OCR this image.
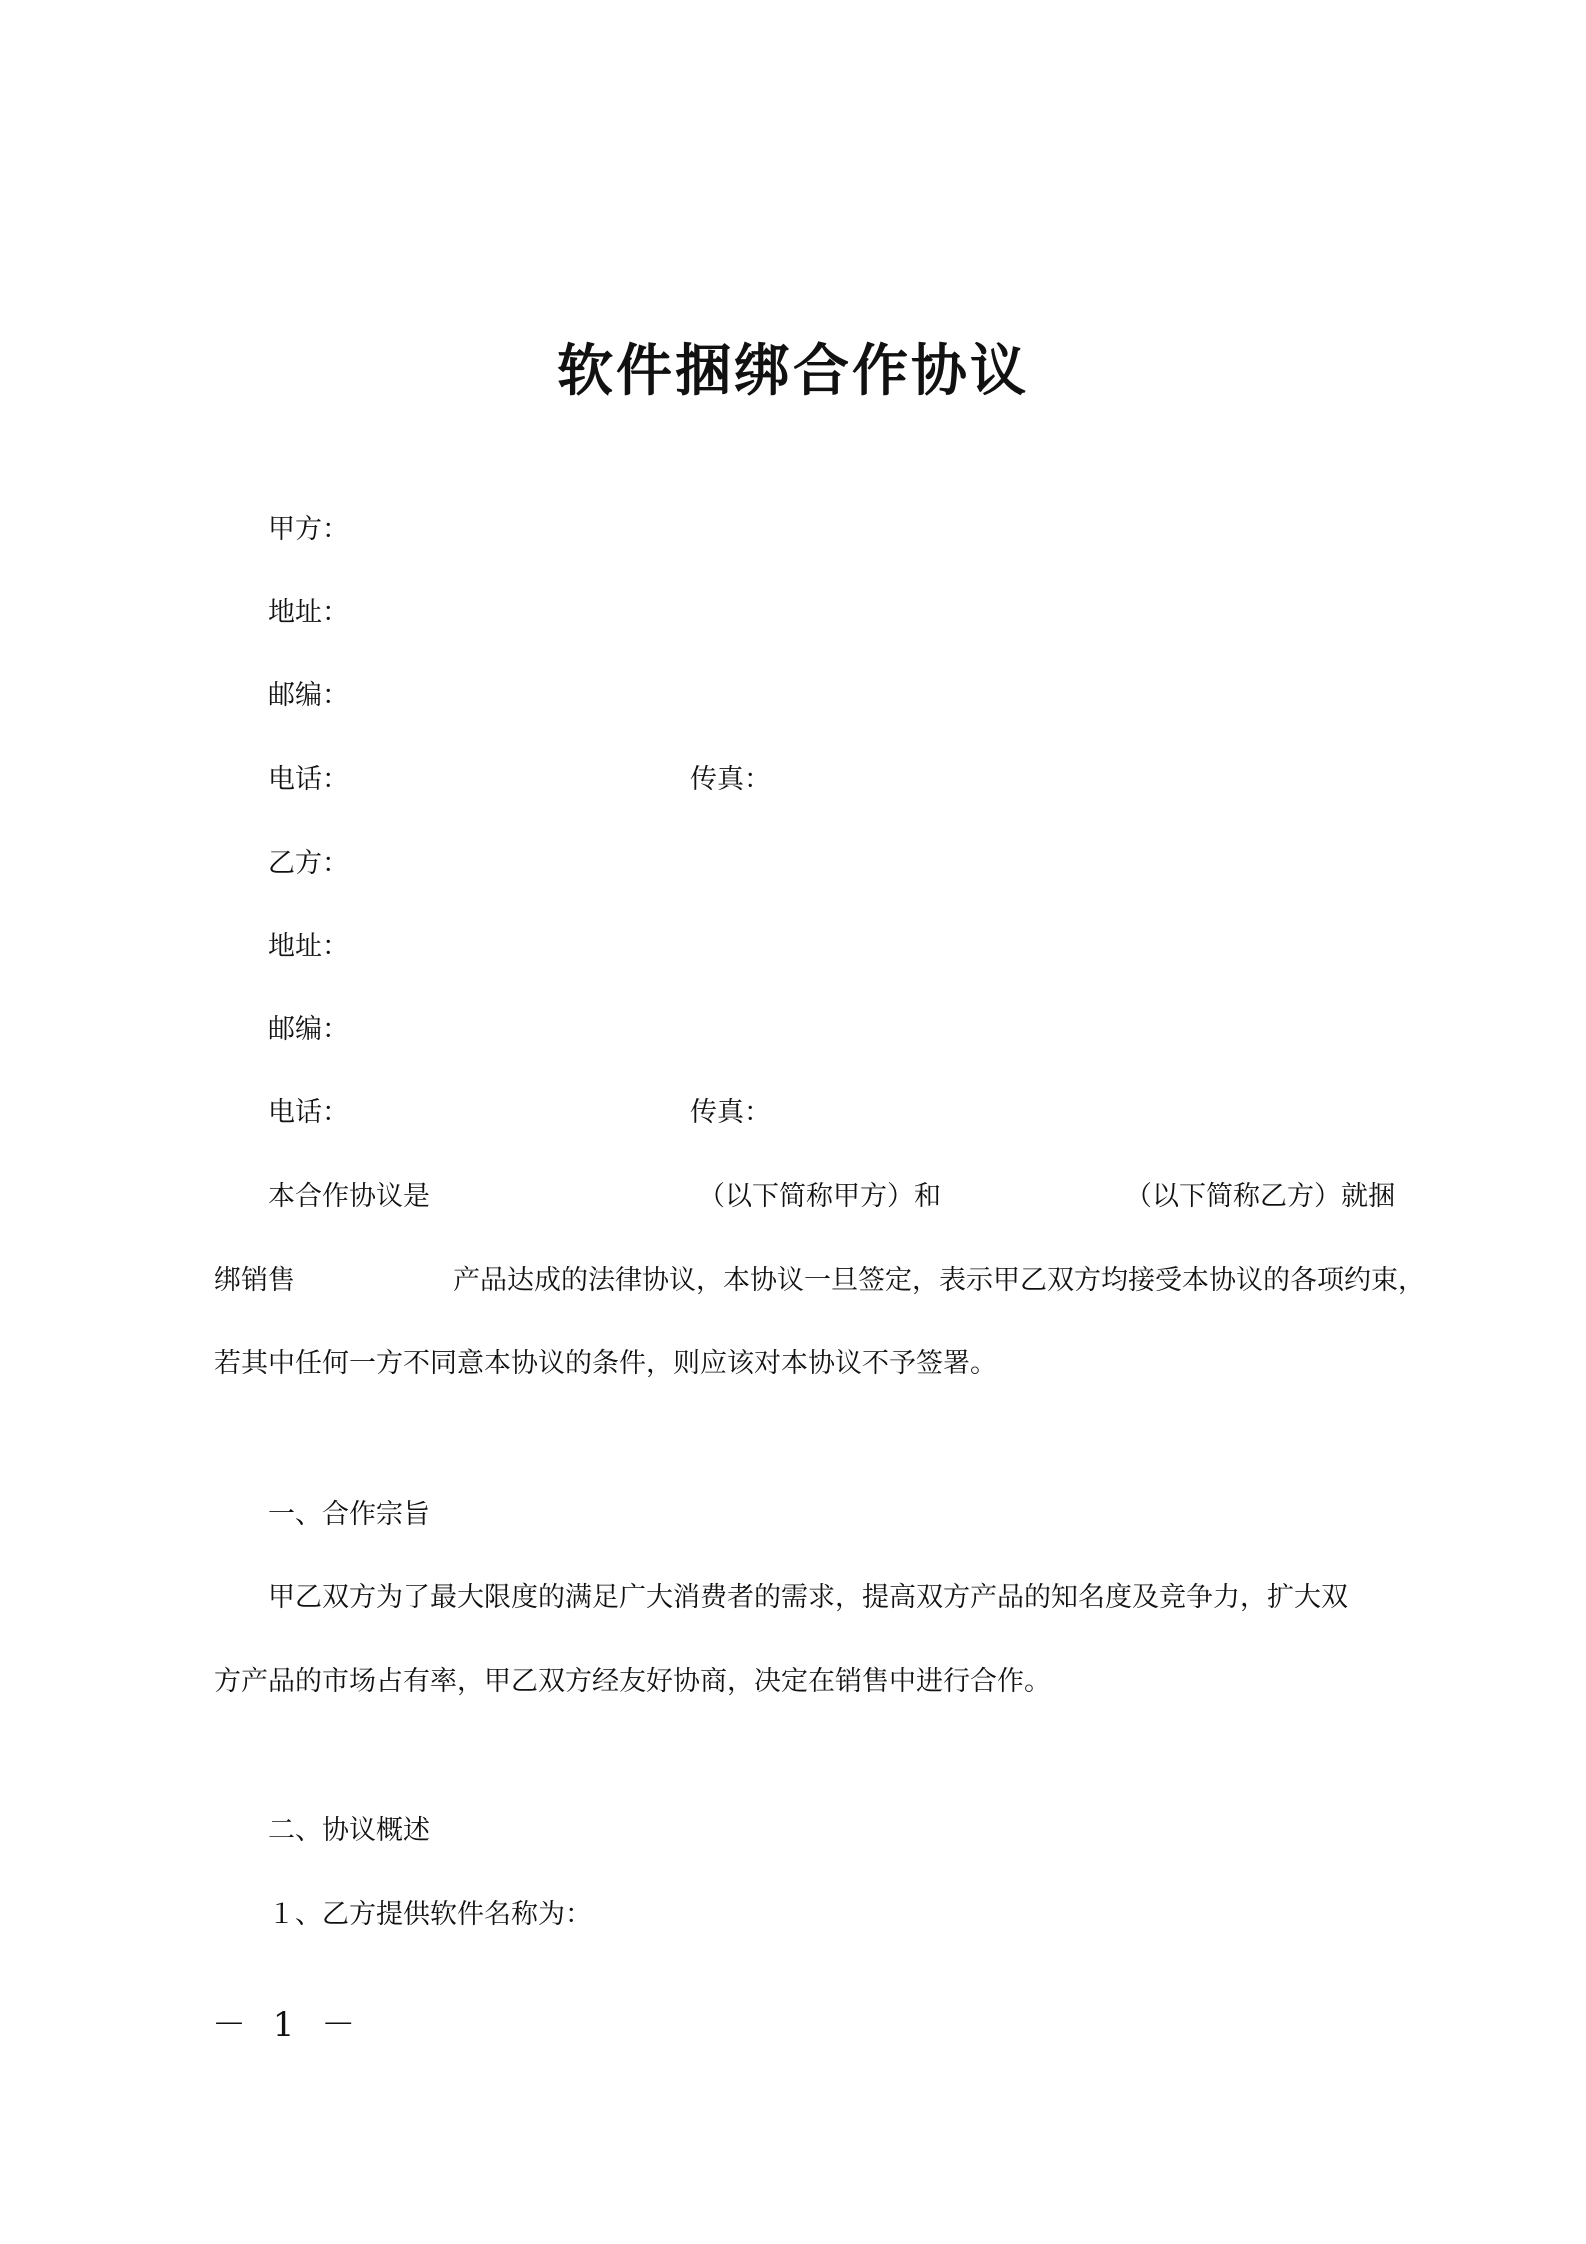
软件捆绑合作协议
甲方：
地址：
邮编：
电话：	传真：
乙方：
地址：
邮编：
电话：	传真：
本合作协议是	（以下简称甲方）和	（以下简称乙方）就捆
绑销售	产品达成的法律协议，本协议一旦签定，表示甲乙双方均接受本协议的各项约束，
若其中任何一方不同意本协议的条件，则应该对本协议不予签署。
一、合作宗旨
甲乙双方为了最大限度的满足广大消费者的需求，提高双方产品的知名度及竞争力，扩大双
方产品的市场占有率，甲乙双方经友好协商，决定在销售中进行合作。
二、协议概述
１、乙方提供软件名称为：
－ 1 －
